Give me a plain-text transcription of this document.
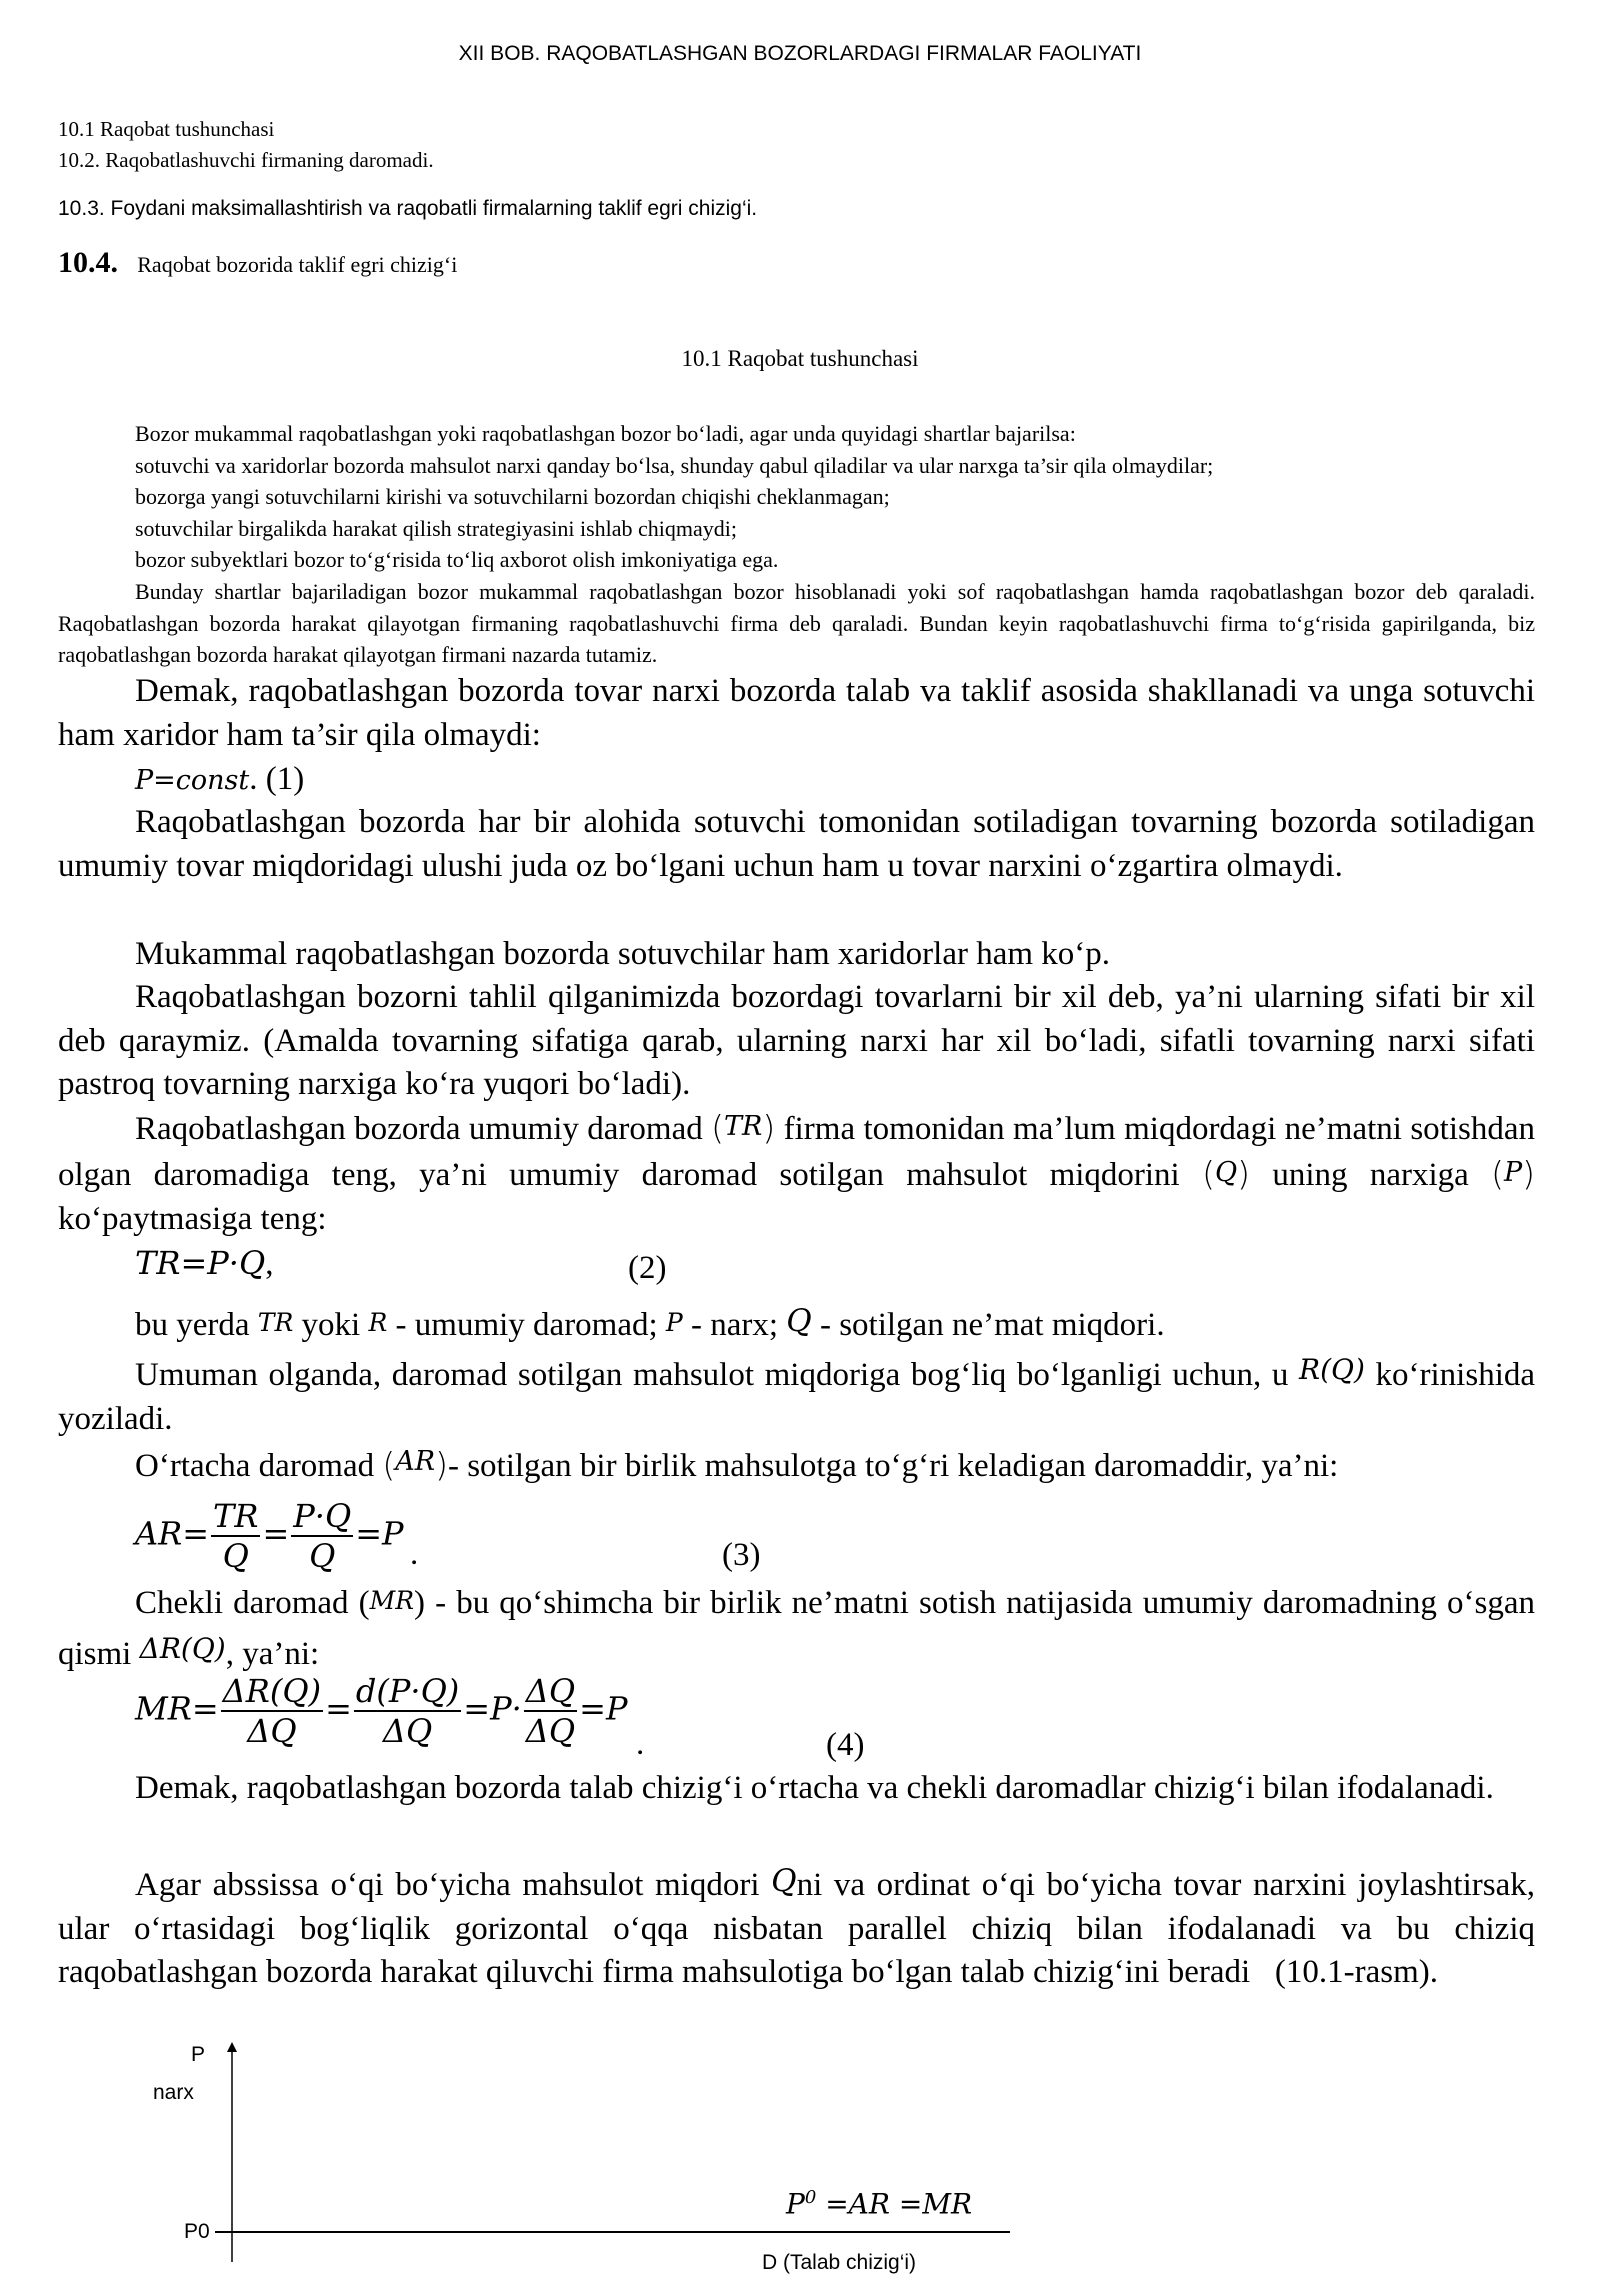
XII BOB. RAQOBATLASHGAN BOZORLARDAGI FIRMALAR FAOLIYATI
10.1 Raqobat tushunchasi
10.2. Raqobatlashuvchi firmaning daromadi.
10.3. Foydani maksimallashtirish va raqobatli firmalarning taklif egri chizig‘i.
10.4. Raqobat bozorida taklif egri chizig‘i
10.1 Raqobat tushunchasi
Bozor mukammal raqobatlashgan yoki raqobatlashgan bozor bo‘ladi, agar unda quyidagi shartlar bajarilsa:
sotuvchi va xaridorlar bozorda mahsulot narxi qanday bo‘lsa, shunday qabul qiladilar va ular narxga ta’sir qila olmaydilar;
bozorga yangi sotuvchilarni kirishi va sotuvchilarni bozordan chiqishi cheklanmagan;
sotuvchilar birgalikda harakat qilish strategiyasini ishlab chiqmaydi;
bozor subyektlari bozor to‘g‘risida to‘liq axborot olish imkoniyatiga ega.
Bunday shartlar bajariladigan bozor mukammal raqobatlashgan bozor hisoblanadi yoki sof raqobatlashgan hamda raqobatlashgan bozor deb qaraladi. Raqobatlashgan bozorda harakat qilayotgan firmaning raqobatlashuvchi firma deb qaraladi. Bundan keyin raqobatlashuvchi firma to‘g‘risida gapirilganda, biz raqobatlashgan bozorda harakat qilayotgan firmani nazarda tutamiz.
Demak, raqobatlashgan bozorda tovar narxi bozorda talab va taklif asosida shakllanadi va unga sotuvchi ham xaridor ham ta’sir qila olmaydi:
P=const. (1)
Raqobatlashgan bozorda har bir alohida sotuvchi tomonidan sotiladigan tovarning bozorda sotiladigan umumiy tovar miqdoridagi ulushi juda oz bo‘lgani uchun ham u tovar narxini o‘zgartira olmaydi.
Mukammal raqobatlashgan bozorda sotuvchilar ham xaridorlar ham ko‘p.
Raqobatlashgan bozorni tahlil qilganimizda bozordagi tovarlarni bir xil deb, ya’ni ularning sifati bir xil deb qaraymiz. (Amalda tovarning sifatiga qarab, ularning narxi har xil bo‘ladi, sifatli tovarning narxi sifati pastroq tovarning narxiga ko‘ra yuqori bo‘ladi).
Raqobatlashgan bozorda umumiy daromad (TR) firma tomonidan ma’lum miqdordagi ne’matni sotishdan olgan daromadiga teng, ya’ni umumiy daromad sotilgan mahsulot miqdorini (Q) uning narxiga (P) ko‘paytmasiga teng:
TR=P·Q,	(2)
bu yerda TR yoki R - umumiy daromad; P - narx; Q - sotilgan ne’mat miqdori.
Umuman olganda, daromad sotilgan mahsulot miqdoriga bog‘liq bo‘lganligi uchun, u R(Q) ko‘rinishida yoziladi.
O‘rtacha daromad (AR)- sotilgan bir birlik mahsulotga to‘g‘ri keladigan daromaddir, ya’ni:
$AR= \frac{TR}{Q} = \frac{P\cdot Q}{Q} =P$
.	(3)
Chekli daromad (MR) - bu qo‘shimcha bir birlik ne’matni sotish natijasida umumiy daromadning o‘sgan qismi ΔR(Q), ya’ni:
$MR= \frac{\Delta R(Q)}{\Delta Q} = \frac{d(P\cdot Q)}{\Delta Q} =P\cdot \frac{\Delta Q}{\Delta Q} =P$
.	(4)
Demak, raqobatlashgan bozorda talab chizig‘i o‘rtacha va chekli daromadlar chizig‘i bilan ifodalanadi.
Agar abssissa o‘qi bo‘yicha mahsulot miqdori Qni va ordinat o‘qi bo‘yicha tovar narxini joylashtirsak, ular o‘rtasidagi bog‘liqlik gorizontal o‘qqa nisbatan parallel chiziq bilan ifodalanadi va bu chiziq raqobatlashgan bozorda harakat qiluvchi firma mahsulotiga bo‘lgan talab chizig‘ini beradi (10.1-rasm).
P
narx
P0
$P^0 =AR =MR$
D (Talab chizig‘i)
